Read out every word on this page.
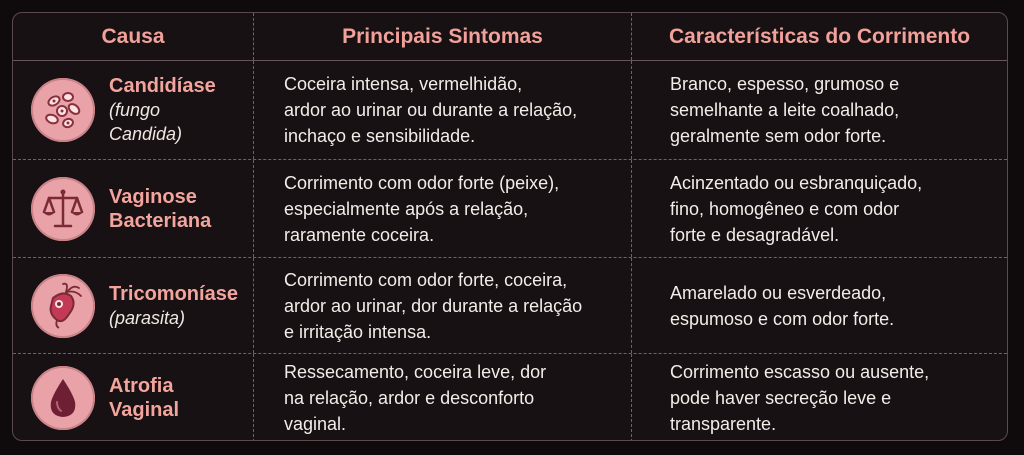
Causa	Principais Sintomas	Características do Corrimento
Candidíase
(fungo
Candida)
Coceira intensa, vermelhidão,
ardor ao urinar ou durante a relação,
inchaço e sensibilidade.
Branco, espesso, grumoso e
semelhante a leite coalhado,
geralmente sem odor forte.
Vaginose
Bacteriana
Corrimento com odor forte (peixe),
especialmente após a relação,
raramente coceira.
Acinzentado ou esbranquiçado,
fino, homogêneo e com odor
forte e desagradável.
Tricomoníase
(parasita)
Corrimento com odor forte, coceira,
ardor ao urinar, dor durante a relação
e irritação intensa.
Amarelado ou esverdeado,
espumoso e com odor forte.
Atrofia
Vaginal
Ressecamento, coceira leve, dor
na relação, ardor e desconforto
vaginal.
Corrimento escasso ou ausente,
pode haver secreção leve e
transparente.
